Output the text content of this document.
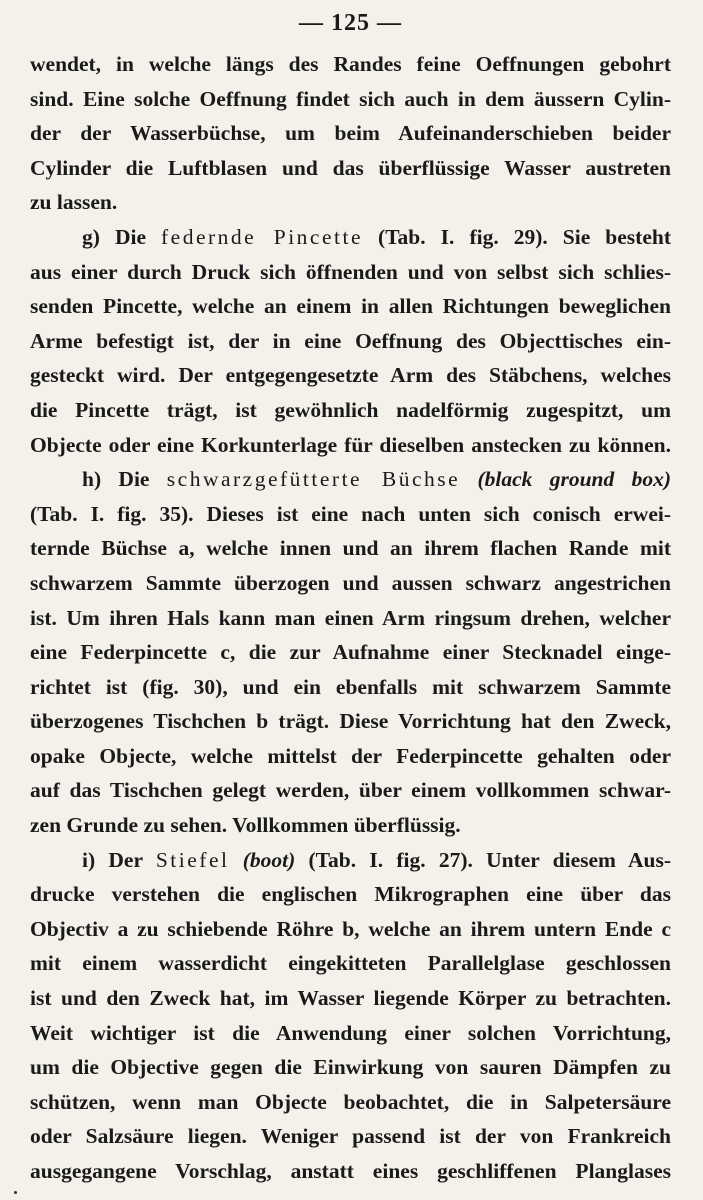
— 125 —
wendet, in welche längs des Randes feine Oeffnungen gebohrt
sind. Eine solche Oeffnung findet sich auch in dem äussern Cylin-
der der Wasserbüchse, um beim Aufeinanderschieben beider
Cylinder die Luftblasen und das überflüssige Wasser austreten
zu lassen.
g) Die federnde Pincette (Tab. I. fig. 29). Sie besteht
aus einer durch Druck sich öffnenden und von selbst sich schlies-
senden Pincette, welche an einem in allen Richtungen beweglichen
Arme befestigt ist, der in eine Oeffnung des Objecttisches ein-
gesteckt wird. Der entgegengesetzte Arm des Stäbchens, welches
die Pincette trägt, ist gewöhnlich nadelförmig zugespitzt, um
Objecte oder eine Korkunterlage für dieselben anstecken zu können.
h) Die schwarzgefütterte Büchse (black ground box)
(Tab. I. fig. 35). Dieses ist eine nach unten sich conisch erwei-
ternde Büchse a, welche innen und an ihrem flachen Rande mit
schwarzem Sammte überzogen und aussen schwarz angestrichen
ist. Um ihren Hals kann man einen Arm ringsum drehen, welcher
eine Federpincette c, die zur Aufnahme einer Stecknadel einge-
richtet ist (fig. 30), und ein ebenfalls mit schwarzem Sammte
überzogenes Tischchen b trägt. Diese Vorrichtung hat den Zweck,
opake Objecte, welche mittelst der Federpincette gehalten oder
auf das Tischchen gelegt werden, über einem vollkommen schwar-
zen Grunde zu sehen. Vollkommen überflüssig.
i) Der Stiefel (boot) (Tab. I. fig. 27). Unter diesem Aus-
drucke verstehen die englischen Mikrographen eine über das
Objectiv a zu schiebende Röhre b, welche an ihrem untern Ende c
mit einem wasserdicht eingekitteten Parallelglase geschlossen
ist und den Zweck hat, im Wasser liegende Körper zu betrachten.
Weit wichtiger ist die Anwendung einer solchen Vorrichtung,
um die Objective gegen die Einwirkung von sauren Dämpfen zu
schützen, wenn man Objecte beobachtet, die in Salpetersäure
oder Salzsäure liegen. Weniger passend ist der von Frankreich
ausgegangene Vorschlag, anstatt eines geschliffenen Planglases
